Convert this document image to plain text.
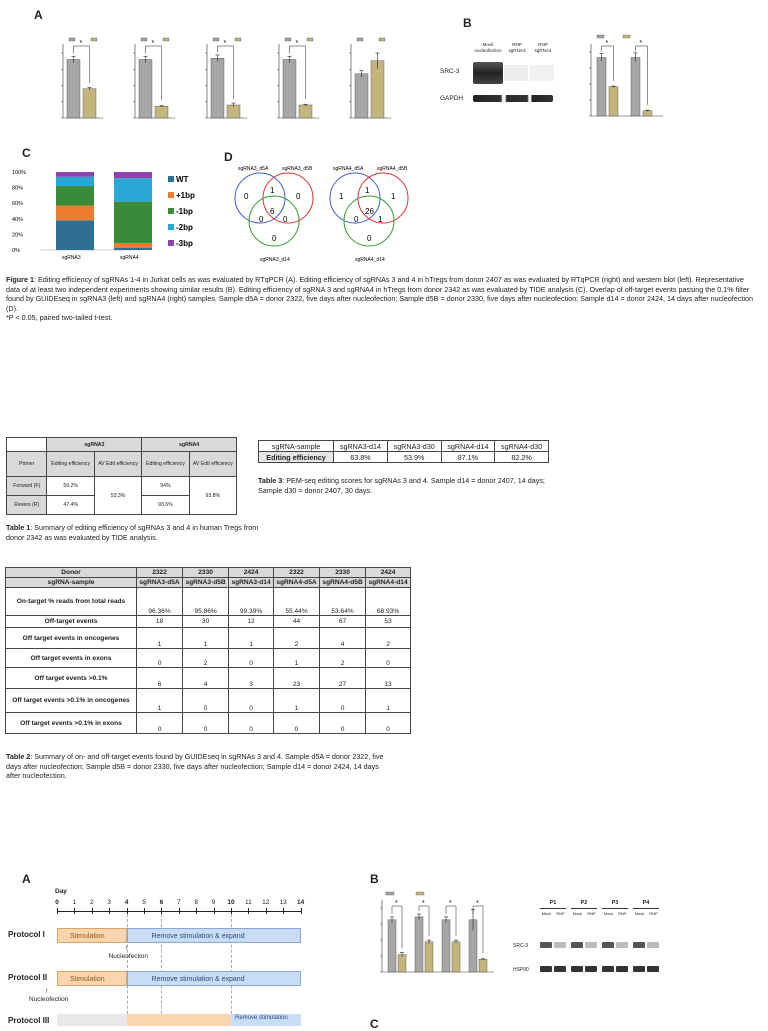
A
B
*	*	*	*	Mock nucleofection
RNP sgRNA3
RNP sgRNA4
SRC-3
GAPDH
*	*
C	D
100%
80%
60%
40%
20%
0%
sgRNA3	sgRNA4
WT
+1bp
-1bp
-2bp
-3bp
sgRNA3_d5A	sgRNA3_d5B
sgRNA3_d14
0
1
0
6
0 0
0
sgRNA4_d5A	sgRNA4_d5B
sgRNA4_d14
1
1
1
26
0 1
0
Figure 1: Editing efficiency of sgRNAs 1-4 in Jurkat cells as was evaluated by RTqPCR (A). Editing efficiency of sgRNAs 3 and 4 in hTregs from donor 2407 as was evaluated by RTqPCR (right) and western blot (left). Representative data of at least two independent experiments showing similar results (B). Editing efficiency of sgRNA 3 and sgRNA4 in hTregs from donor 2342 as was evaluated by TIDE analysis (C). Overlap of off-target events passing the 0.1% filter found by GUIDEseq in sgRNA3 (left) and sgRNA4 (right) samples. Sample d5A = donor 2322, five days after nucleofection; Sample d5B = donor 2330, five days after nucleofection; Sample d14 = donor 2424, 14 days after nucleofection (D).
*P < 0.05, paired two-tailed t-test.
	sgRNA3		sgRNA4	
Primer	Editing efficiency	AV Edit efficiency	Editing efficiency	AV Edit efficiency
Forward (F)	59.2%	53.3%	94%	93.8%
Revers (R)	47.4%		93.6%	
Table 1: Summary of editing efficiency of sgRNAs 3 and 4 in human Tregs from donor 2342 as was evaluated by TIDE analysis.
sgRNA-sample	sgRNA3-d14	sgRNA3-d30	sgRNA4-d14	sgRNA4-d30
Editing efficiency	63.8%	53.9%	87.1%	82.2%
Table 3: PEM-seq editing scores for sgRNAs 3 and 4. Sample d14 = donor 2407, 14 days; Sample d30 = donor 2407, 30 days.
Donor	2322	2330	2424	2322	2330	2424
sgRNA-sample	sgRNA3-d5A	sgRNA3-d5B	sgRNA3-d14	sgRNA4-d5A	sgRNA4-d5B	sgRNA4-d14
On-target % reads from total reads	96.36%	95.86%	99.39%	55.44%	53.64%	68.93%
Off-target events	18	30	12	44	67	53
Off target events in oncogenes	1	1	1	2	4	2
Off target events in exons	0	2	0	1	2	0
Off target events >0.1%	6	4	3	23	27	13
Off target events >0.1% in oncogenes	1	0	0	1	0	1
Off target events >0.1% in exons	0	0	0	0	0	0
Table 2: Summary of on- and off-target events found by GUIDEseq in sgRNAs 3 and 4. Sample d5A = donor 2322, five days after nucleofection; Sample d5B = donor 2330, five days after nucleofection; Sample d14 = donor 2424, 14 days after nucleofection.
A	B
C
Day
0	1	2	3	4	5	6	7	8	9	10 11 12 13 14
Protocol I	Stimulation	Remove stimulation & expand
↑
Nucleofection
Protocol II	Stimulation	Remove stimulation & expand
↑
Nucleofection
Protocol III	Remove stimulation
*	*	*	*
SRC-3
HSP90
P1	P2	P3	P4
Mock	RNP	Mock	RNP	Mock	RNP	Mock	RNP
